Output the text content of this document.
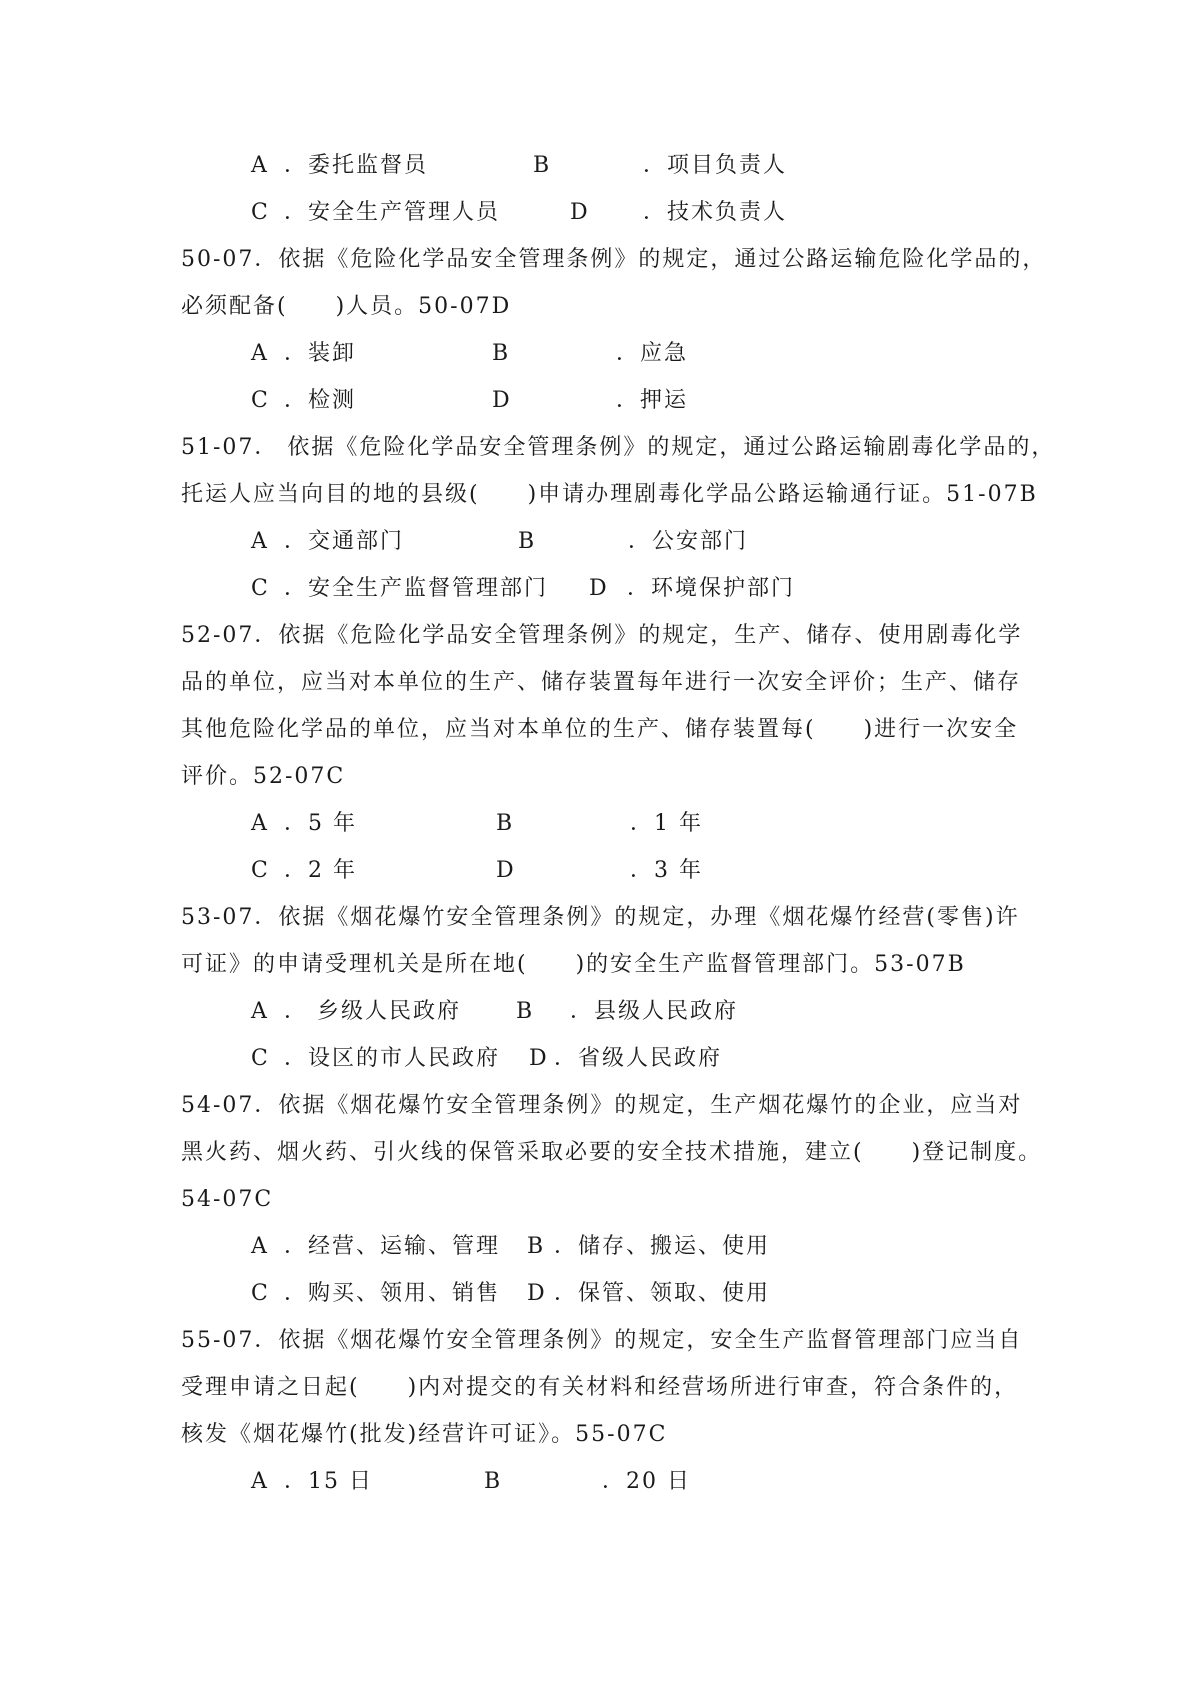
A ．委托监督员	B	．项目负责人
C ．安全生产管理人员	D ．技术负责人
50-07．依据《危险化学品安全管理条例》的规定，通过公路运输危险化学品的，
必须配备(　　)人员。50-07D
A ．装卸	B	．应急
C ．检测	D	．押运
51-07． 依据《危险化学品安全管理条例》的规定，通过公路运输剧毒化学品的，
托运人应当向目的地的县级(　　)申请办理剧毒化学品公路运输通行证。51-07B
A ．交通部门	B	．公安部门
C ．安全生产监督管理部门 D ．环境保护部门
52-07．依据《危险化学品安全管理条例》的规定，生产、储存、使用剧毒化学
品的单位，应当对本单位的生产、储存装置每年进行一次安全评价；生产、储存
其他危险化学品的单位，应当对本单位的生产、储存装置每(　　)进行一次安全
评价。52-07C
A ．5 年	B	．1 年
C ．2 年	D	．3 年
53-07．依据《烟花爆竹安全管理条例》的规定，办理《烟花爆竹经营(零售)许
可证》的申请受理机关是所在地(　　)的安全生产监督管理部门。53-07B
A ． 乡级人民政府	B ．县级人民政府
C ．设区的市人民政府 D ．省级人民政府
54-07．依据《烟花爆竹安全管理条例》的规定，生产烟花爆竹的企业，应当对
黑火药、烟火药、引火线的保管采取必要的安全技术措施，建立(　　)登记制度。
54-07C
A ．经营、运输、管理 B ．储存、搬运、使用
C ．购买、领用、销售 D ．保管、领取、使用
55-07．依据《烟花爆竹安全管理条例》的规定，安全生产监督管理部门应当自
受理申请之日起(　　)内对提交的有关材料和经营场所进行审查，符合条件的，
核发《烟花爆竹(批发)经营许可证》。55-07C
A ．15 日	B	．20 日
